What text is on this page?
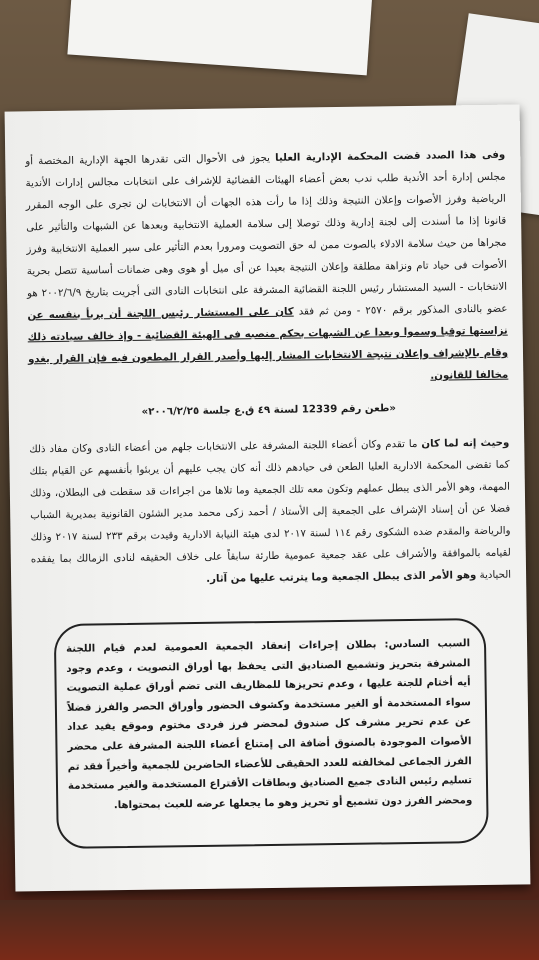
وفى هذا الصدد قضت المحكمة الإدارية العليا يجوز فى الأحوال التى تقدرها الجهة الإدارية المختصة أو مجلس إدارة أحد الأندية طلب ندب بعض أعضاء الهيئات القضائية للإشراف على انتخابات مجالس إدارات الأندية الرياضية وفرز الأصوات وإعلان النتيجة وذلك إذا ما رأت هذه الجهات أن الانتخابات لن تجرى على الوجه المقرر قانونا إذا ما أسندت إلى لجنة إدارية وذلك توصلا إلى سلامة العملية الانتخابية وبعدها عن الشبهات والتأثير على مجراها من حيث سلامة الادلاء بالصوت ممن له حق التصويت ومرورا بعدم التأثير على سير العملية الانتخابية وفرز الأصوات فى حياد تام ونزاهة مطلقة وإعلان النتيجة بعيدا عن أى ميل أو هوى وهى ضمانات أساسية تتصل بحرية الانتخابات - السيد المستشار رئيس اللجنة القضائية المشرفة على انتخابات النادى التى أجريت بتاريخ ٢٠٠٢/٦/٩ هو عضو بالنادى المذكور برقم ٢٥٧٠ - ومن ثم فقد كان على المستشار رئيس اللجنة أن يربأ بنفسه عن نزاستها توقيا وسموا وبعدا عن الشبهات بحكم منصبه فى الهيئة القضائية - وإذ خالف سيادته ذلك وقام بالإشراف وإعلان نتيجة الانتخابات المشار إليها وأصدر القرار المطعون فيه فإن القرار يغدو مخالفا للقانون.

«طعن رقم 12339 لسنة ٤٩ ق.ع جلسة ٢٠٠٦/٢/٢٥»

وحيث إنه لما كان ما تقدم وكان أعضاء اللجنة المشرفة على الانتخابات جلهم من أعضاء النادى وكان مفاد ذلك كما تقضى المحكمة الادارية العليا الطعن فى حيادهم ذلك أنه كان يجب عليهم أن يربئوا بأنفسهم عن القيام بتلك المهمة، وهو الأمر الذى يبطل عملهم وتكون معه تلك الجمعية وما تلاها من اجراءات قد سقطت فى البطلان، وذلك فضلا عن أن إسناد الإشراف على الجمعية إلى الأستاذ / أحمد زكى محمد مدير الشئون القانونية بمديرية الشباب والرياضة والمقدم ضده الشكوى رقم ١١٤ لسنة ٢٠١٧ لدى هيئة النيابة الادارية وقيدت برقم ٢٣٣ لسنة ٢٠١٧ وذلك لقيامه بالموافقة والأشراف على عقد جمعية عمومية طارئة سابقاً على خلاف الحقيقه لنادى الزمالك بما يفقده الحيادية وهو الأمر الذى يبطل الجمعية وما يترتب عليها من آثار.

السبب السادس: بطلان إجراءات إنعقاد الجمعية العمومية لعدم قيام اللجنة المشرفة بتحريز وتشميع الصناديق التى يحفظ بها أوراق التصويت ، وعدم وجود أيه أختام للجنة عليها ، وعدم تحريزها للمظاريف التى تضم أوراق عملية التصويت سواء المستخدمة أو الغير مستخدمة وكشوف الحضور وأوراق الحصر والفرز فضلاً عن عدم تحرير مشرف كل صندوق لمحضر فرز فردى مختوم وموقع يفيد عداد الأصوات الموجودة بالصنوق أضافة الى إمتناع أعضاء اللجنة المشرفة على محضر الفرز الجماعى لمخالفته للعدد الحقيقى للأعضاء الحاضرين للجمعية وأخيراً فقد تم تسليم رئيس النادى جميع الصناديق وبطاقات الأقتراع المستخدمة والغير مستخدمة ومحضر الفرز دون تشميع أو تحريز وهو ما يجعلها عرضه للعبث بمحتواها.
